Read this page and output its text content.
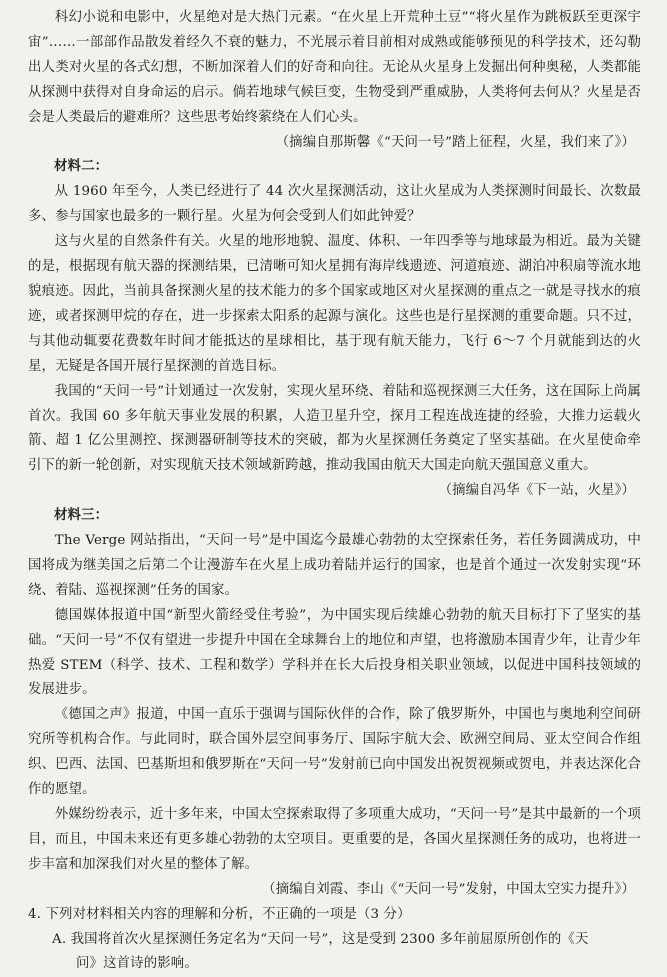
科幻小说和电影中，火星绝对是大热门元素。“在火星上开荒种土豆”“将火星作为跳板跃至更深宇宙”……一部部作品散发着经久不衰的魅力，不光展示着目前相对成熟或能够预见的科学技术，还勾勒出人类对火星的各式幻想，不断加深着人们的好奇和向往。无论从火星身上发掘出何种奥秘，人类都能从探测中获得对自身命运的启示。倘若地球气候巨变，生物受到严重威胁，人类将何去何从？火星是否会是人类最后的避难所？这些思考始终萦绕在人们心头。

（摘编自那斯馨《“天问一号”踏上征程，火星，我们来了》）

材料二：

从 1960 年至今，人类已经进行了 44 次火星探测活动，这让火星成为人类探测时间最长、次数最多、参与国家也最多的一颗行星。火星为何会受到人们如此钟爱？

这与火星的自然条件有关。火星的地形地貌、温度、体积、一年四季等与地球最为相近。最为关键的是，根据现有航天器的探测结果，已清晰可知火星拥有海岸线遗迹、河道痕迹、湖泊冲积扇等流水地貌痕迹。因此，当前具备探测火星的技术能力的多个国家或地区对火星探测的重点之一就是寻找水的痕迹，或者探测甲烷的存在，进一步探索太阳系的起源与演化。这些也是行星探测的重要命题。只不过，与其他动辄要花费数年时间才能抵达的星球相比，基于现有航天能力，飞行 6～7 个月就能到达的火星，无疑是各国开展行星探测的首选目标。

我国的“天问一号”计划通过一次发射，实现火星环绕、着陆和巡视探测三大任务，这在国际上尚属首次。我国 60 多年航天事业发展的积累，人造卫星升空，探月工程连战连捷的经验，大推力运载火箭、超 1 亿公里测控、探测器研制等技术的突破，都为火星探测任务奠定了坚实基础。在火星使命牵引下的新一轮创新，对实现航天技术领域新跨越，推动我国由航天大国走向航天强国意义重大。

（摘编自冯华《下一站，火星》）

材料三：

The Verge 网站指出，“天问一号”是中国迄今最雄心勃勃的太空探索任务，若任务圆满成功，中国将成为继美国之后第二个让漫游车在火星上成功着陆并运行的国家，也是首个通过一次发射实现“环绕、着陆、巡视探测”任务的国家。

德国媒体报道中国“新型火箭经受住考验”，为中国实现后续雄心勃勃的航天目标打下了坚实的基础。“天问一号”不仅有望进一步提升中国在全球舞台上的地位和声望，也将激励本国青少年，让青少年热爱 STEM（科学、技术、工程和数学）学科并在长大后投身相关职业领域，以促进中国科技领域的发展进步。

《德国之声》报道，中国一直乐于强调与国际伙伴的合作，除了俄罗斯外，中国也与奥地利空间研究所等机构合作。与此同时，联合国外层空间事务厅、国际宇航大会、欧洲空间局、亚太空间合作组织、巴西、法国、巴基斯坦和俄罗斯在“天问一号”发射前已向中国发出祝贺视频或贺电，并表达深化合作的愿望。

外媒纷纷表示，近十多年来，中国太空探索取得了多项重大成功，“天问一号”是其中最新的一个项目，而且，中国未来还有更多雄心勃勃的太空项目。更重要的是，各国火星探测任务的成功，也将进一步丰富和加深我们对火星的整体了解。

（摘编自刘霞、李山《“天问一号”发射，中国太空实力提升》）

4. 下列对材料相关内容的理解和分析，不正确的一项是（3 分）

A. 我国将首次火星探测任务定名为“天问一号”，这是受到 2300 多年前屈原所创作的《天

问》这首诗的影响。
